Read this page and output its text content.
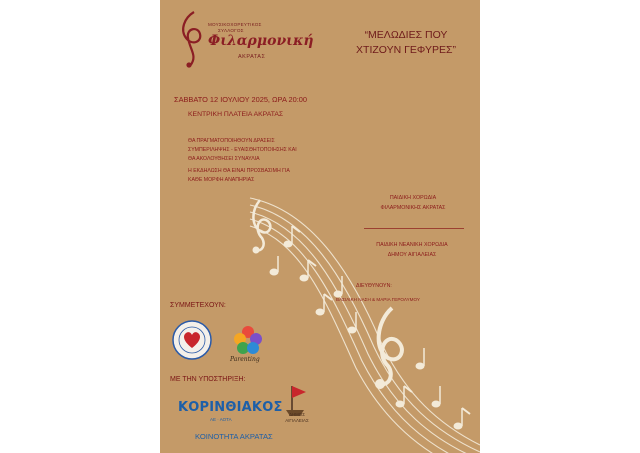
ΜΟΥΣΙΚΟΧΟΡΕΥΤΙΚΟΣ
ΣΥΛΛΟΓΟΣ
Φιλαρμονική
ΑΚΡΑΤΑΣ
“ΜΕΛΩΔΙΕΣ ΠΟΥ
ΧΤΙΖΟΥΝ ΓΕΦΥΡΕΣ”
ΣΑΒΒΑΤΟ 12 ΙΟΥΛΙΟΥ 2025, ΩΡΑ 20:00
ΚΕΝΤΡΙΚΗ ΠΛΑΤΕΙΑ ΑΚΡΑΤΑΣ
ΘΑ ΠΡΑΓΜΑΤΟΠΟΙΗΘΟΥΝ ΔΡΑΣΕΙΣ
ΣΥΜΠΕΡΙΛΗΨΗΣ - ΕΥΑΙΣΘΗΤΟΠΟΙΗΣΗΣ ΚΑΙ
ΘΑ ΑΚΟΛΟΥΘΗΣΕΙ ΣΥΝΑΥΛΙΑ
Η ΕΚΔΗΛΩΣΗ ΘΑ ΕΙΝΑΙ ΠΡΟΣΒΑΣΙΜΗ ΓΙΑ
ΚΑΘΕ ΜΟΡΦΗ ΑΝΑΠΗΡΙΑΣ
ΠΑΙΔΙΚΗ ΧΟΡΩΔΙΑ
ΦΙΛΑΡΜΟΝΙΚΗΣ ΑΚΡΑΤΑΣ
ΠΑΙΔΙΚΗ ΝΕΑΝΙΚΗ ΧΟΡΩΔΙΑ
ΔΗΜΟΥ ΑΙΓΙΑΛΕΙΑΣ
ΔΙΕΥΘΥΝΟΥΝ:
ΒΑΣΙΛΙΚΗ ΝΑΣΗ & ΜΑΡΙΑ ΓΕΡΟΛΥΜΟΥ
ΣΥΜΜΕΤΕΧΟΥΝ:
Parenting
ΜΕ ΤΗΝ ΥΠΟΣΤΗΡΙΞΗ:
ΚΟΡΙΝΘΙΑΚΟΣ
ΑΕ · ΑΟΤΑ
ΔΗΜΟΣ
ΑΙΓΙΑΛΕΙΑΣ
ΚΟΙΝΟΤΗΤΑ ΑΚΡΑΤΑΣ
